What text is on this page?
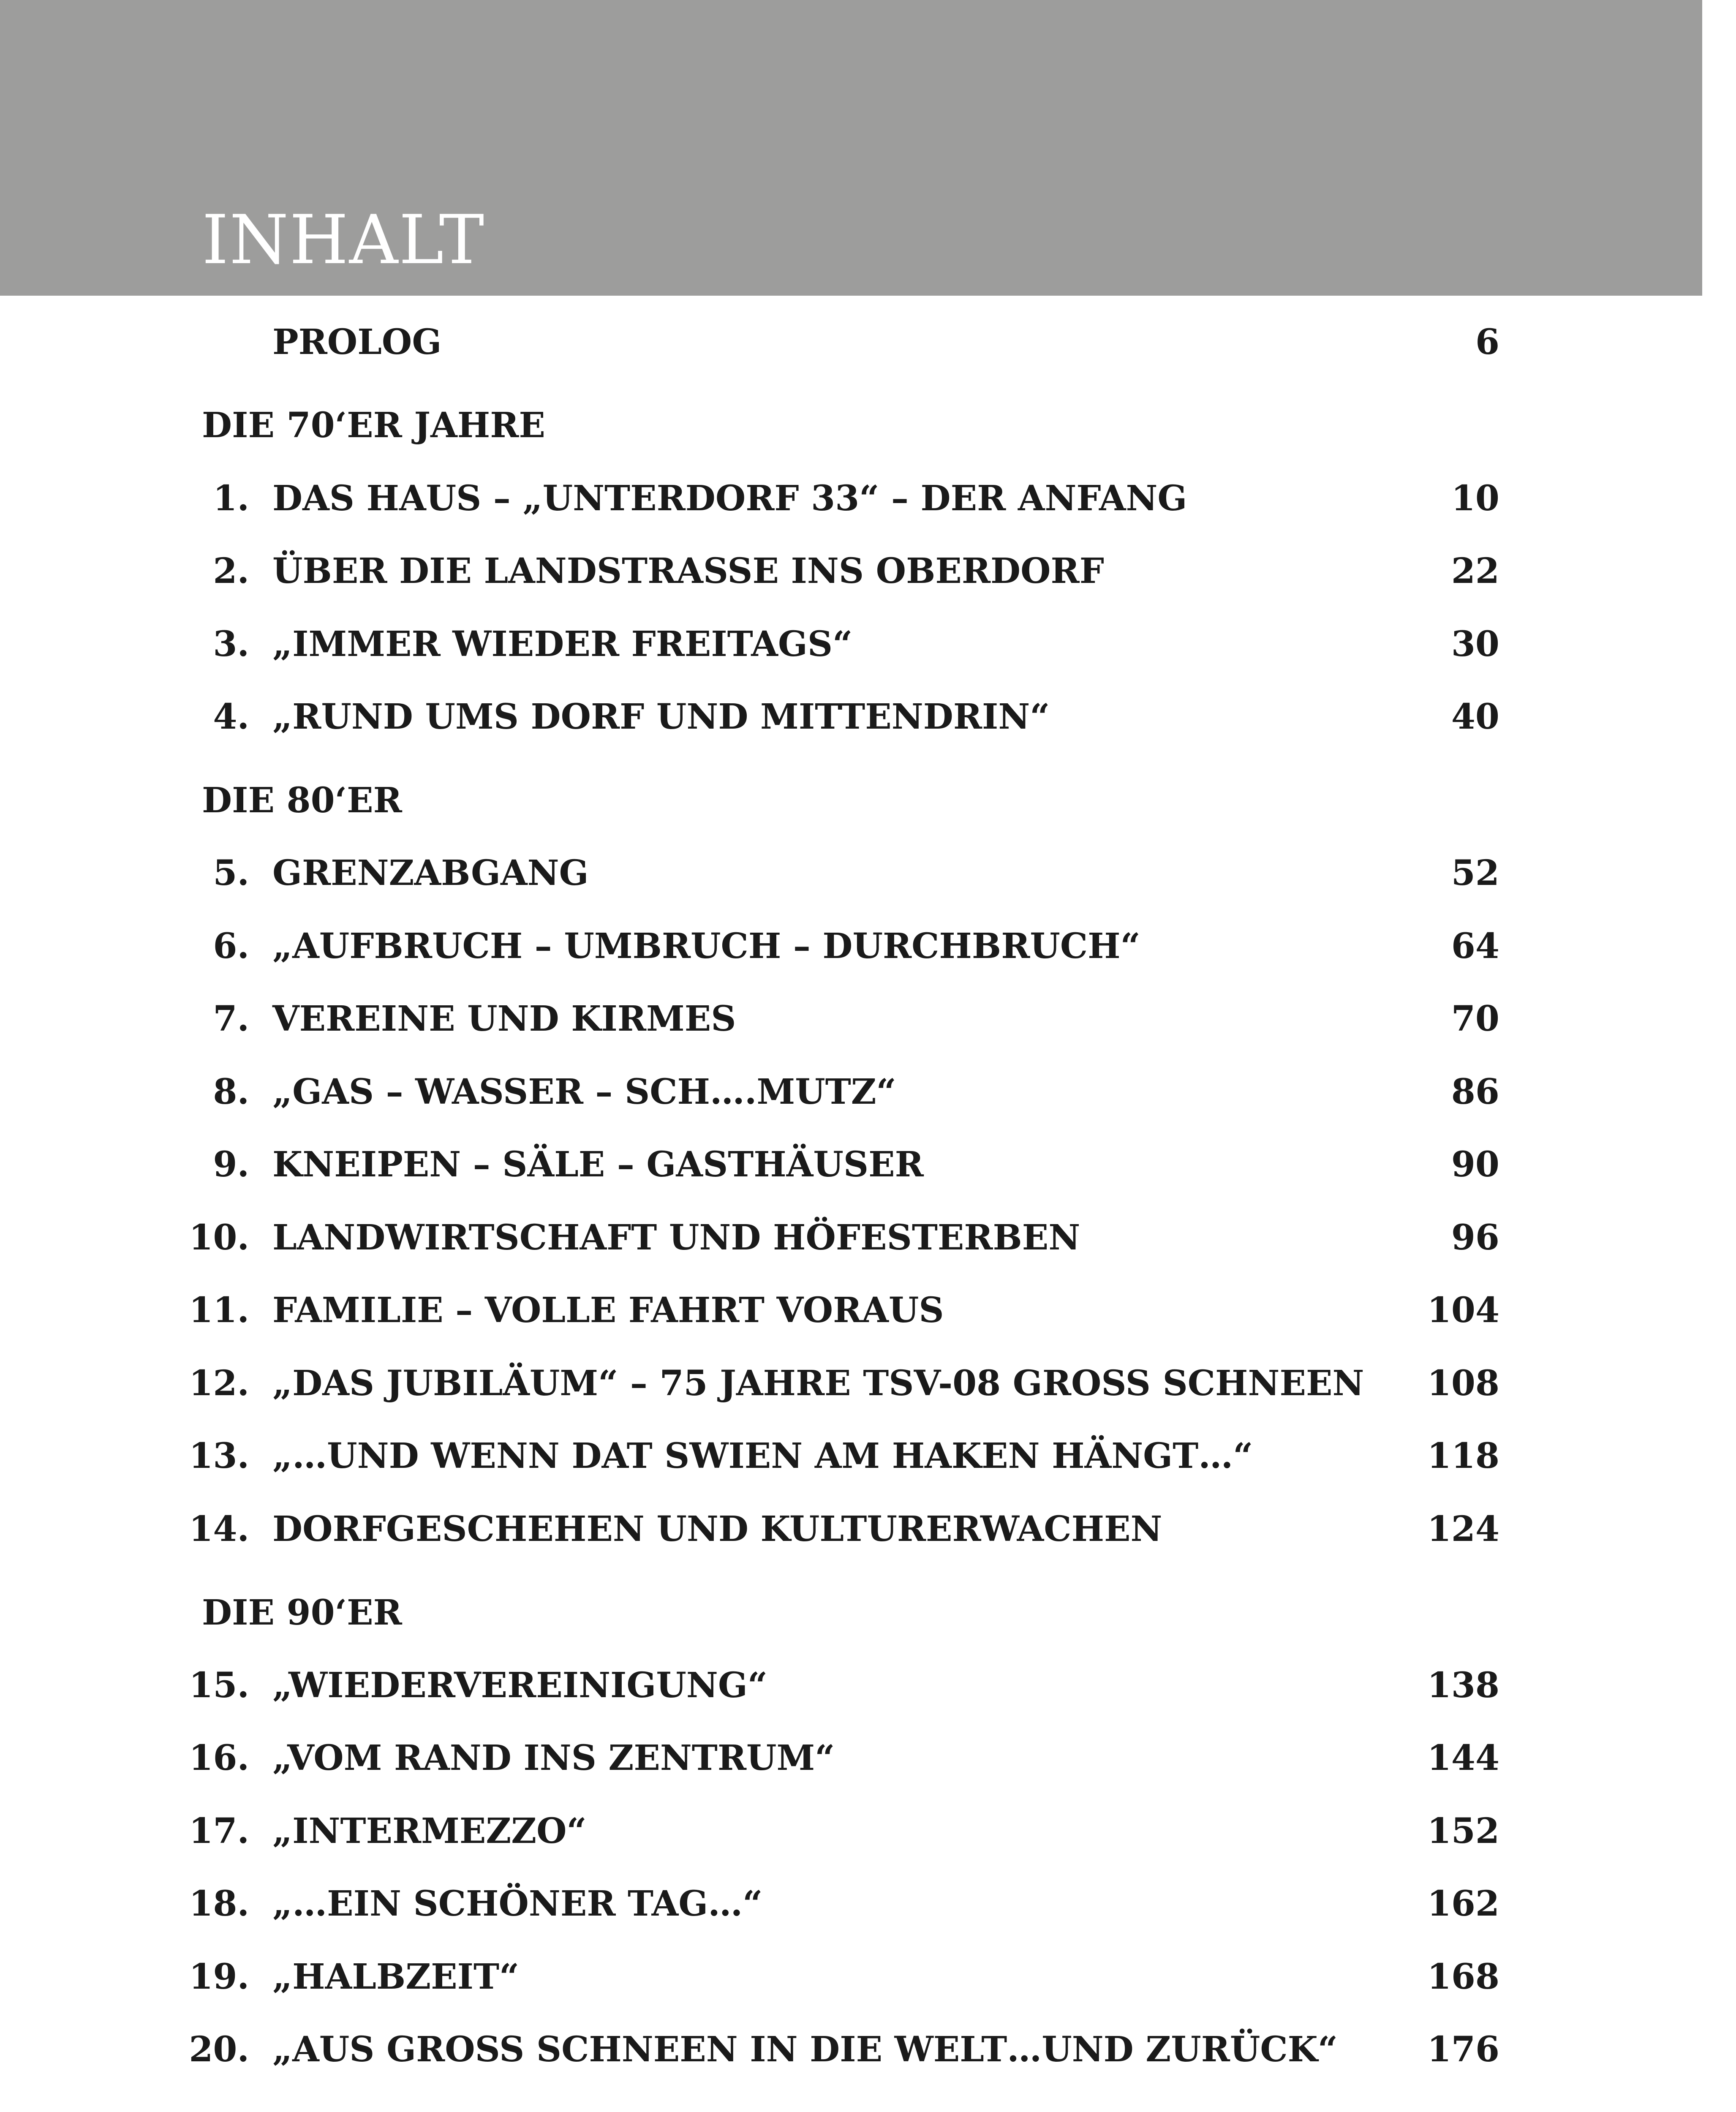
INHALT
PROLOG	6
DIE 70‘ER JAHRE
1. DAS HAUS – „UNTERDORF 33“ – DER ANFANG	10
2. ÜBER DIE LANDSTRASSE INS OBERDORF	22
3. „IMMER WIEDER FREITAGS“	30
4. „RUND UMS DORF UND MITTENDRIN“	40
DIE 80‘ER
5. GRENZABGANG	52
6. „AUFBRUCH – UMBRUCH – DURCHBRUCH“	64
7. VEREINE UND KIRMES	70
8. „GAS – WASSER – SCH….MUTZ“	86
9. KNEIPEN – SÄLE – GASTHÄUSER	90
10. LANDWIRTSCHAFT UND HÖFESTERBEN	96
11. FAMILIE – VOLLE FAHRT VORAUS	104
12. „DAS JUBILÄUM“ – 75 JAHRE TSV-08 GROSS SCHNEEN	108
13. „…UND WENN DAT SWIEN AM HAKEN HÄNGT…“	118
14. DORFGESCHEHEN UND KULTURERWACHEN	124
DIE 90‘ER
15. „WIEDERVEREINIGUNG“	138
16. „VOM RAND INS ZENTRUM“	144
17. „INTERMEZZO“	152
18. „…EIN SCHÖNER TAG…“	162
19. „HALBZEIT“	168
20. „AUS GROSS SCHNEEN IN DIE WELT…UND ZURÜCK“	176
